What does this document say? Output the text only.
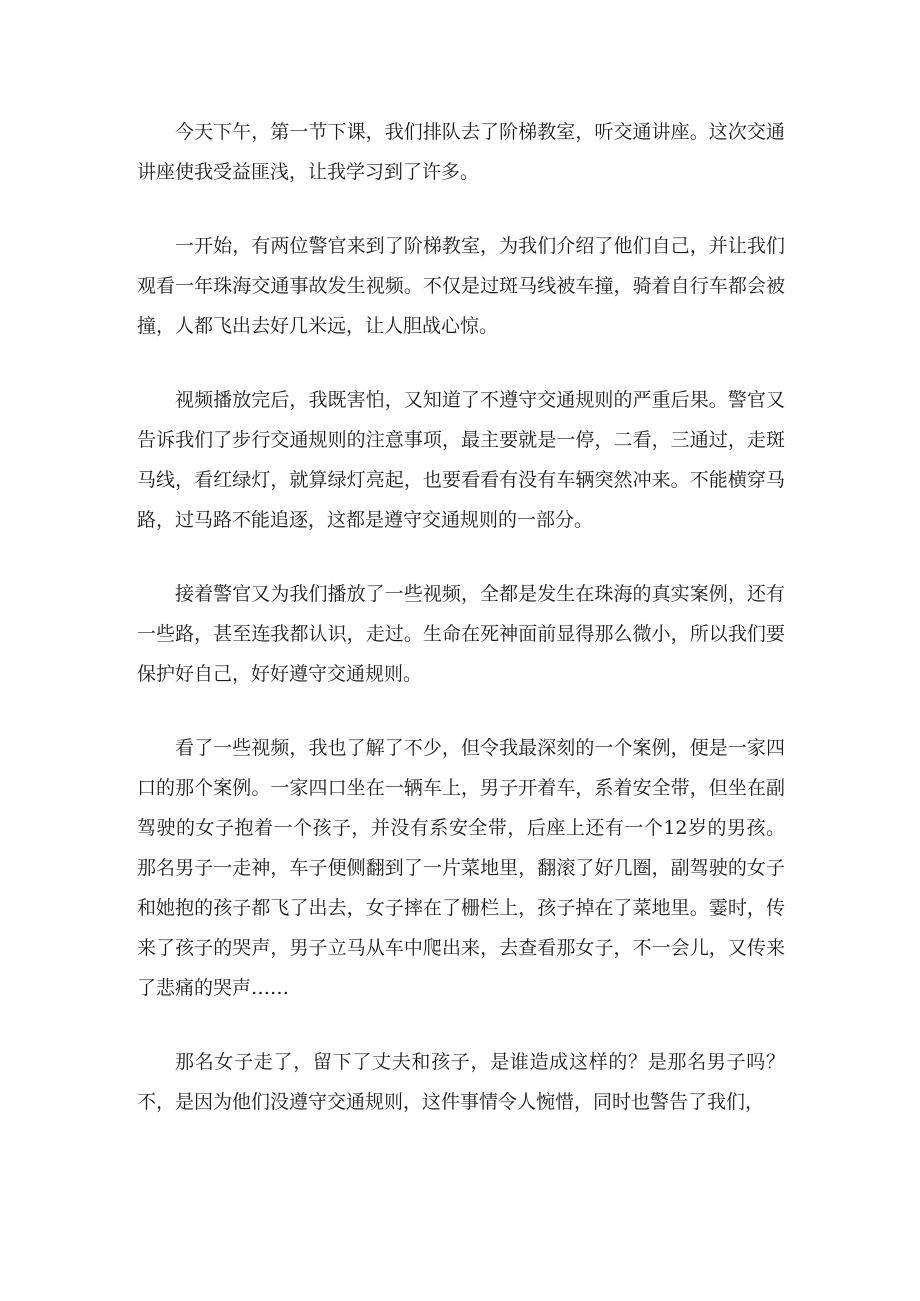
今天下午，第一节下课，我们排队去了阶梯教室，听交通讲座。这次交通讲座使我受益匪浅，让我学习到了许多。

一开始，有两位警官来到了阶梯教室，为我们介绍了他们自己，并让我们观看一年珠海交通事故发生视频。不仅是过斑马线被车撞，骑着自行车都会被撞，人都飞出去好几米远，让人胆战心惊。

视频播放完后，我既害怕，又知道了不遵守交通规则的严重后果。警官又告诉我们了步行交通规则的注意事项，最主要就是一停，二看，三通过，走斑马线，看红绿灯，就算绿灯亮起，也要看看有没有车辆突然冲来。不能横穿马路，过马路不能追逐，这都是遵守交通规则的一部分。

接着警官又为我们播放了一些视频，全都是发生在珠海的真实案例，还有一些路，甚至连我都认识，走过。生命在死神面前显得那么微小，所以我们要保护好自己，好好遵守交通规则。

看了一些视频，我也了解了不少，但令我最深刻的一个案例，便是一家四口的那个案例。一家四口坐在一辆车上，男子开着车，系着安全带，但坐在副驾驶的女子抱着一个孩子，并没有系安全带，后座上还有一个12岁的男孩。那名男子一走神，车子便侧翻到了一片菜地里，翻滚了好几圈，副驾驶的女子和她抱的孩子都飞了出去，女子摔在了栅栏上，孩子掉在了菜地里。霎时，传来了孩子的哭声，男子立马从车中爬出来，去查看那女子，不一会儿，又传来了悲痛的哭声……

那名女子走了，留下了丈夫和孩子，是谁造成这样的？是那名男子吗？不，是因为他们没遵守交通规则，这件事情令人惋惜，同时也警告了我们，
